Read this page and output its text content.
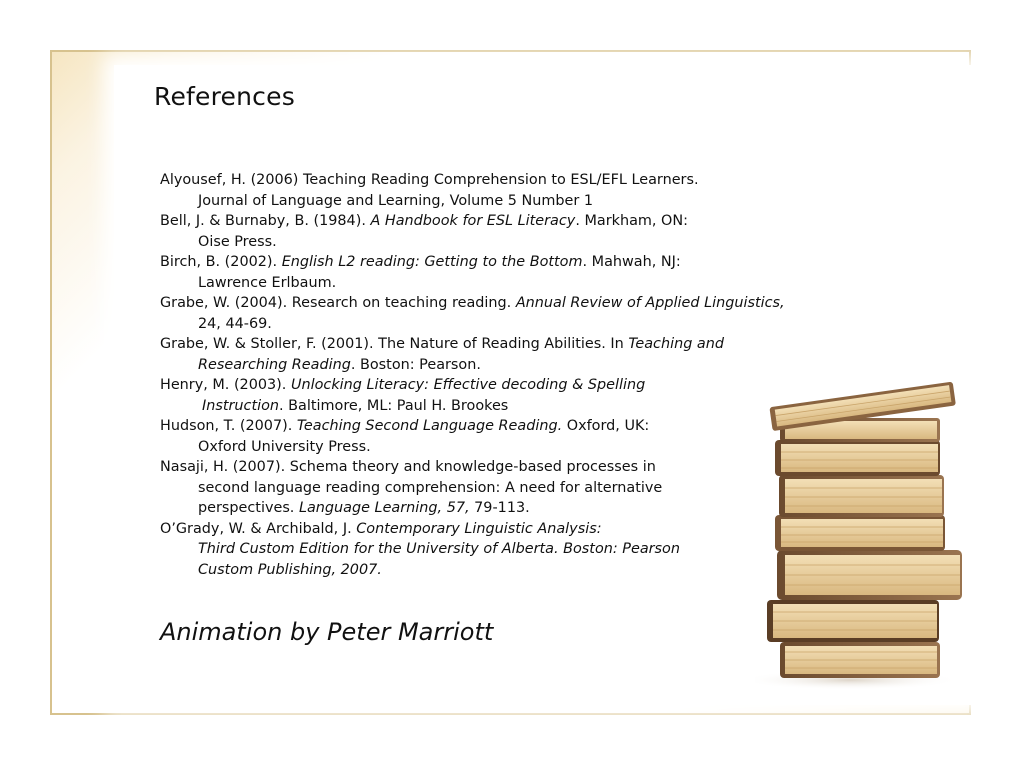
References

Alyousef, H. (2006) Teaching Reading Comprehension to ESL/EFL Learners.
Journal of Language and Learning, Volume 5 Number 1

Bell, J. & Burnaby, B. (1984). A Handbook for ESL Literacy. Markham, ON:
Oise Press.

Birch, B. (2002). English L2 reading: Getting to the Bottom. Mahwah, NJ:
Lawrence Erlbaum.

Grabe, W. (2004). Research on teaching reading. Annual Review of Applied Linguistics,
24, 44-69.

Grabe, W. & Stoller, F. (2001). The Nature of Reading Abilities. In Teaching and
Researching Reading. Boston: Pearson.

Henry, M. (2003). Unlocking Literacy: Effective decoding & Spelling
Instruction. Baltimore, ML: Paul H. Brookes

Hudson, T. (2007). Teaching Second Language Reading. Oxford, UK:
Oxford University Press.

Nasaji, H. (2007). Schema theory and knowledge-based processes in
second language reading comprehension: A need for alternative
perspectives. Language Learning, 57, 79-113.

O’Grady, W. & Archibald, J. Contemporary Linguistic Analysis:
Third Custom Edition for the University of Alberta. Boston: Pearson
Custom Publishing, 2007.

Animation by Peter Marriott
